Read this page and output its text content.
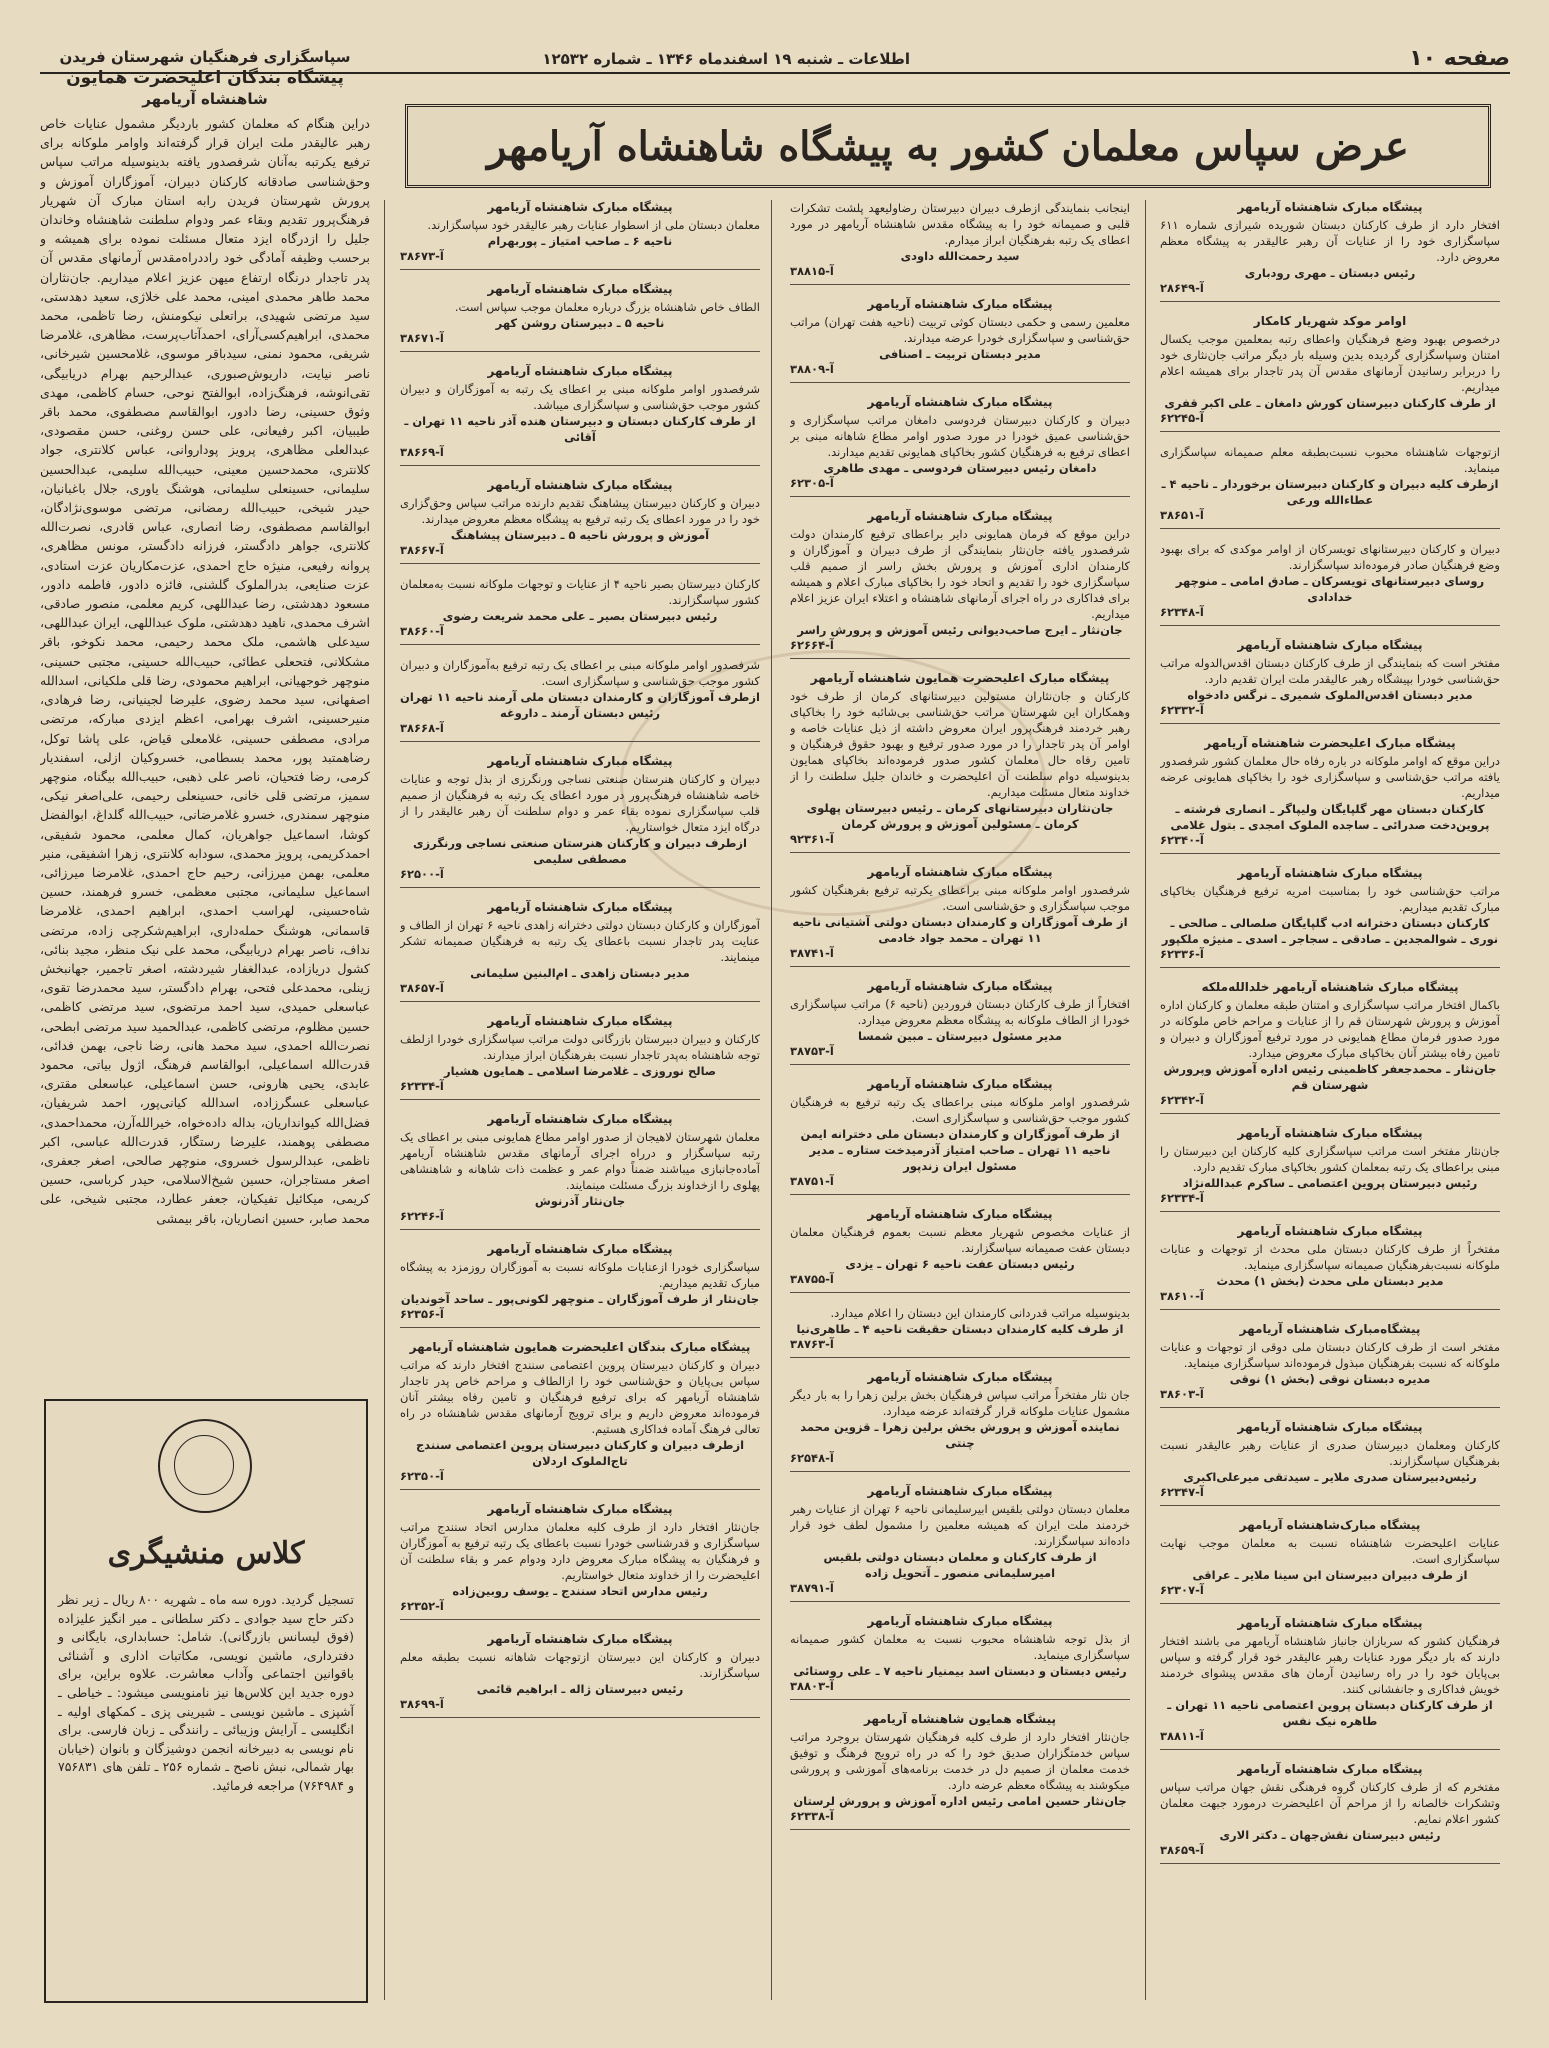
صفحه ۱۰
اطلاعات ـ شنبه ۱۹ اسفندماه ۱۳۴۶ ـ شماره ۱۲۵۳۲
عرض سپاس معلمان کشور به پیشگاه شاهنشاه آریامهر
سپاسگزاری فرهنگیان شهرستان فریدن
پیشگاه بندگان اعلیحضرت همایون
شاهنشاه آریامهر
دراین هنگام که معلمان کشور باردیگر مشمول عنایات خاص رهبر عالیقدر ملت ایران قرار گرفته‌اند واوامر ملوکانه برای ترفیع یکرتبه به‌آنان شرفصدور یافته بدینوسیله مراتب سپاس وحق‌شناسی صادقانه کارکنان دبیران، آموزگاران آموزش و پرورش شهرستان فریدن رابه استان مبارک آن شهریار فرهنگ‌پرور تقدیم وبقاء عمر ودوام سلطنت شاهنشاه وخاندان جلیل را ازدرگاه ایزد متعال مسئلت نموده برای همیشه و برحسب وظیفه آمادگی خود راددراه‌مقدس آرمانهای مقدس آن پدر تاجدار درنگاه ارتفاع میهن عزیز اعلام میداریم. جان‌نثاران محمد طاهر محمدی امینی، محمد علی خلاژی، سعید دهدستی، سید مرتضی شهیدی، براتعلی نیکومنش، رضا تاظمی، محمد محمدی، ابراهیم‌کسی‌آرای، احمدآتاب‌پرست، مظاهری، غلامرضا شریفی، محمود نمنی، سیدباقر موسوی، غلامحسین شیرخانی، ناصر نیایت، داریوش‌صبوری، عبدالرحیم بهرام دریابیگی، تقی‌انوشه‌، فرهنگ‌زاده، ابوالفتح نوحی، حسام کاظمی، مهدی وثوق حسینی، رضا دادور، ابوالقاسم مصطفوی، محمد باقر طیبیان، اکبر رفیعانی، علی حسن روغنی، حسن مقصودی، عبدالعلی مظاهری، پرویز پوداروانی، عباس کلانتری، جواد کلانتری، محمدحسین معینی، حبیب‌الله سلیمی، عبدالحسین سلیمانی، حسینعلی سلیمانی، هوشنگ یاوری، جلال باغبانیان، حیدر شیخی، حبیب‌الله رمضانی، مرتضی موسوی‌نژادگان، ابوالقاسم مصطفوی، رضا انصاری، عباس قادری، نصرت‌الله کلانتری، جواهر دادگستر، فرزانه دادگستر، مونس مظاهری، پروانه رفیعی، منیژه حاج احمدی، عزت‌مکاریان عزت استادی، عزت صنایعی، بدرالملوک گلشنی، فائزه دادور، فاطمه دادور، مسعود دهدشتی، رضا عبداللهی، کریم معلمی، منصور صادقی، اشرف محمدی، ناهید دهدشتی، ملوک عبداللهی، ایران عبداللهی، سیدعلی هاشمی، ملک محمد رحیمی، محمد نکوخو، باقر مشکلانی، فتحعلی عطائی، حبیب‌الله حسینی، مجتبی حسینی، منوچهر خوجهیانی، ابراهیم محمودی، رضا قلی ملکیانی، اسدالله اصفهانی، سید محمد رضوی، علیرضا لجینیانی، رضا فرهادی، منیرحسینی، اشرف بهرامی، اعظم ایزدی مبارکه، مرتضی مرادی، مصطفی حسینی، غلامعلی قیاض، علی پاشا توکل، رضاهمتبد پور، محمد بسطامی، خسروکیان ازلی، اسفندیار کرمی، رضا فتحیان، ناصر علی ذهبی، حبیب‌الله بیگناه، منوچهر سمیز، مرتضی قلی خانی، حسینعلی رحیمی، علی‌اصغر نیکی، منوچهر سمندری، خسرو غلامرضانی، حبیب‌الله گلداغ، ابوالفضل کوشا، اسماعیل جواهریان، کمال معلمی، محمود شفیقی، احمدکریمی، پرویز محمدی، سودابه کلانتری، زهرا اشفیقی، منیر معلمی، بهمن میرزانی، رحیم حاج احمدی، غلامرضا میرزائی، اسماعیل سلیمانی، مجتبی معظمی، خسرو فرهمند، حسین شاه‌حسینی، لهراسب احمدی، ابراهیم احمدی، غلامرضا قاسمانی، هوشنگ حمله‌داری، ابراهیم‌شکرچی زاده، مرتضی نداف، ناصر بهرام دریابیگی، محمد علی نیک منظر، مجید بنائی، کشول دریازاده، عبدالغفار شیردشته، اصغر تاجمیر، جهانبخش زینلی، محمدعلی فتحی، بهرام دادگستر، سید محمدرضا تقوی، عباسعلی حمیدی، سید احمد مرتضوی، سید مرتضی کاظمی، حسین مظلوم، مرتضی کاظمی، عبدالحمید سید مرتضی ابطحی، نصرت‌الله احمدی، سید محمد هانی، رضا ناجی، بهمن فدائی، قدرت‌الله اسماعیلی، ابوالقاسم فرهنگ، اژول بیاتی، محمود عابدی، یحیی هارونی، حسن اسماعیلی، عباسعلی مقتری، عباسعلی عسگرزاده، اسدالله کیانی‌پور، احمد شریفیان، فضل‌الله کیوانداریان، بداله داده‌خواه، خیرالله‌آرن، محمداحمدی، مصطفی پوهمند، علیرضا رستگار، قدرت‌الله عباسی، اکبر ناظمی، عبدالرسول خسروی، منوچهر صالحی، اصغر جعفری، اصغر مستاجران، حسین شیخ‌الاسلامی، حیدر کرباسی، حسین کریمی، میکائیل تفیکیان، جعفر عطارد، مجتبی شیخی، علی محمد صابر، حسین انصاریان، باقر بیمشی
کلاس منشیگری
تسجیل گردید. دوره سه ماه ـ شهریه ۸۰۰ ریال ـ زیر نظر دکتر حاج سید جوادی ـ دکتر سلطانی ـ میر انگیز علیزاده (فوق لیسانس بازرگانی). شامل: حسابداری، بایگانی و دفترداری، ماشین نویسی، مکاتبات اداری و آشنائی باقوانین اجتماعی وآداب معاشرت. علاوه براین، برای دوره جدید این کلاس‌ها نیز نامنویسی میشود: ـ خیاطی ـ آشپزی ـ ماشین نویسی ـ شیرینی پزی ـ کمکهای اولیه ـ انگلیسی ـ آرایش وزیبائی ـ رانندگی ـ زبان فارسی. برای نام نویسی به دبیرخانه انجمن دوشیزگان و بانوان (خیابان بهار شمالی، نبش ناصح ـ شماره ۲۵۶ ـ تلفن های ۷۵۶۸۳۱ و ۷۶۴۹۸۴) مراجعه فرمائید.
پیشگاه مبارک شاهنشاه آریامهر
افتخار دارد از طرف کارکنان دبستان شوریده شیرازی شماره ۶۱۱ سپاسگزاری خود را از عنایات آن رهبر عالیقدر به پیشگاه معظم معروض دارد.
رئیس دبستان ـ مهری رودباری
۲۸۶۴۹-آ
اوامر موکد شهریار کامکار
درخصوص بهبود وضع فرهنگیان واعطای رتبه بمعلمین موجب یکسال امتنان وسپاسگزاری گردیده بدین وسیله بار دیگر مراتب جان‌نثاری خود را دربرابر رسانیدن آرمانهای مقدس آن پدر تاجدار برای همیشه اعلام میداریم.
از طرف کارکنان دبیرستان کورش دامغان ـ علی اکبر قفری
۶۲۲۴۵-آ
ازتوجهات شاهنشاه محبوب نسبت‌بطبقه معلم صمیمانه سپاسگزاری مینماید.
ازطرف کلیه دبیران و کارکنان دبیرستان برخوردار ـ ناحیه ۴ ـ عطاءالله ورعی
۳۸۶۵۱-آ
دبیران و کارکنان دبیرستانهای تویسرکان از اوامر موکدی که برای بهبود وضع فرهنگیان صادر فرموده‌اند سپاسگزارند.
روسای دبیرستانهای تویسرکان ـ صادق امامی ـ منوچهر خدادادی
۶۲۳۴۸-آ
پیشگاه مبارک شاهنشاه آریامهر
مفتخر است که بنمایندگی از طرف کارکنان دبستان اقدس‌الدوله مراتب حق‌شناسی خودرا بپیشگاه رهبر عالیقدر ملت ایران تقدیم دارد.
مدیر دبستان اقدس‌الملوک شمیری ـ نرگس دادخواه
۶۲۳۳۲-آ
پیشگاه مبارک اعلیحضرت شاهنشاه آریامهر
دراین موقع که اوامر ملوکانه در باره رفاه حال معلمان کشور شرفصدور یافته مراتب حق‌شناسی و سپاسگزاری خود را بخاکپای همایونی عرضه میداریم.
کارکنان دبستان مهر گلپایگان ولیپاگر ـ انصاری فرشته ـ پروین‌دخت صدرائی ـ ساجده الملوک امجدی ـ بتول غلامی
۶۲۳۴۰-آ
پیشگاه مبارک شاهنشاه آریامهر
مراتب حق‌شناسی خود را بمناسبت امریه ترفیع فرهنگیان بخاکپای مبارک تقدیم میداریم.
کارکنان دبستان دخترانه ادب گلپایگان صلصالی ـ صالحی ـ نوری ـ شوالمجدین ـ صادقی ـ سجاجر ـ اسدی ـ منیژه ملکپور
۶۲۳۳۶-آ
پیشگاه مبارک شاهنشاه آریامهر خلدالله‌ملکه
باکمال افتخار مراتب سپاسگزاری و امتنان طبقه معلمان و کارکنان اداره آموزش و پرورش شهرستان قم را از عنایات و مراحم خاص ملوکانه در مورد صدور فرمان مطاع همایونی در مورد ترفیع آموزگاران و دبیران و تامین رفاه بیشتر آنان بخاکپای مبارک معروض میدارد.
جان‌نثار ـ محمدجعفر کاظمینی رئیس اداره آموزش وپرورش شهرستان قم
۶۲۳۴۲-آ
پیشگاه مبارک شاهنشاه آریامهر
جان‌نثار مفتخر است مراتب سپاسگزاری کلیه کارکنان این دبیرستان را مبنی براعطای یک رتبه بمعلمان کشور بخاکپای مبارک تقدیم دارد.
رئیس دبیرستان پروین اعتصامی ـ ساکرم عبدالله‌نژاد
۶۲۳۳۴-آ
پیشگاه مبارک شاهنشاه آریامهر
مفتخراً از طرف کارکنان دبستان ملی محدث از توجهات و عنایات ملوکانه نسبت‌بفرهنگیان صمیمانه سپاسگزاری مینماید.
مدیر دبستان ملی محدث (بخش ۱) محدث
۳۸۶۱۰-آ
پیشگاه‌مبارک شاهنشاه آریامهر
مفتخر است از طرف کارکنان دبستان ملی دوقی از توجهات و عنایات ملوکانه که نسبت بفرهنگیان مبذول فرموده‌اند سپاسگزاری مینماید.
مدیره دبستان نوقی (بخش ۱) نوقی
۳۸۶۰۳-آ
پیشگاه مبارک شاهنشاه آریامهر
کارکنان ومعلمان دبیرستان صدری از عنایات رهبر عالیقدر نسبت بفرهنگیان سپاسگزارند.
رئیس‌دبیرستان صدری ملایر ـ سیدتقی میرعلی‌اکبری
۶۲۳۴۷-آ
پیشگاه مبارک‌شاهنشاه آریامهر
عنایات اعلیحضرت شاهنشاه نسبت به معلمان موجب نهایت سپاسگزاری است.
از طرف دبیران دبیرستان ابن سینا ملایر ـ عراقی
۶۲۳۰۷-آ
پیشگاه مبارک شاهنشاه آریامهر
فرهنگیان کشور که سربازان جانباز شاهنشاه آریامهر می باشند افتخار دارند که بار دیگر مورد عنایات رهبر عالیقدر خود قرار گرفته و سپاس بی‌پایان خود را در راه رسانیدن آرمان های مقدس پیشوای خردمند خویش فداکاری و جانفشانی کنند.
از طرف کارکنان دبستان پروین اعتصامی ناحیه ۱۱ تهران ـ طاهره نیک نفس
۳۸۸۱۱-آ
پیشگاه مبارک شاهنشاه آریامهر
مفتخرم که از طرف کارکنان گروه فرهنگی نقش جهان مراتب سپاس وتشکرات خالصانه را از مراحم آن اعلیحضرت درمورد جبهت معلمان کشور اعلام نمایم.
رئیس دبیرستان نقش‌جهان ـ دکتر الاری
۳۸۶۵۹-آ
اینجانب بنمایندگی ازطرف دبیران دبیرستان رضاولیعهد پلشت تشکرات قلبی و صمیمانه خود را به پیشگاه مقدس شاهنشاه آریامهر در مورد اعطای یک رتبه بفرهنگیان ابراز میدارم.
سید رحمت‌الله داودی
۳۸۸۱۵-آ
پیشگاه مبارک شاهنشاه آریامهر
معلمین رسمی و حکمی دبستان کوثی تربیت (ناحیه هفت تهران) مراتب حق‌شناسی و سپاسگزاری خودرا عرضه میدارند.
مدیر دبستان تربیت ـ اصنافی
۳۸۸۰۹-آ
پیشگاه مبارک شاهنشاه آریامهر
دبیران و کارکنان دبیرستان فردوسی دامغان مراتب سپاسگزاری و حق‌شناسی عمیق خودرا در مورد صدور اوامر مطاع شاهانه مبنی بر اعطای ترفیع به فرهنگیان کشور بخاکپای همایونی تقدیم میدارند.
دامغان رئیس دبیرستان فردوسی ـ مهدی طاهری
۶۲۳۰۵-آ
پیشگاه مبارک شاهنشاه آریامهر
دراین موقع که فرمان همایونی دایر براعطای ترفیع کارمندان دولت شرفصدور یافته جان‌نثار بنمایندگی از طرف دبیران و آموزگاران و کارمندان اداری آموزش و پرورش بخش راسر از صمیم قلب سپاسگزاری خود را تقدیم و اتحاد خود را بخاکپای مبارک اعلام و همیشه برای فداکاری در راه اجرای آرمانهای شاهنشاه و اعتلاء ایران عزیز اعلام میداریم.
جان‌نثار ـ ایرج صاحب‌دیوانی رئیس آموزش و پرورش راسر
۶۲۶۶۴-آ
پیشگاه مبارک اعلیحضرت همایون شاهنشاه آریامهر
کارکنان و جان‌نثاران مستولین دبیرستانهای کرمان از طرف خود وهمکاران این شهرستان مراتب حق‌شناسی بی‌شائبه خود را بخاکپای رهبر خردمند فرهنگ‌پرور ایران معروض داشته از ذیل عنایات خاصه و اوامر آن پدر تاجدار را در مورد صدور ترفیع و بهبود حقوق فرهنگیان و تامین رفاه حال معلمان کشور صدور فرموده‌اند بخاکپای همایون بدینوسیله دوام سلطنت آن اعلیحضرت و خاندان جلیل سلطنت را از خداوند متعال مسئلت میداریم.
جان‌نثاران دبیرستانهای کرمان ـ رئیس دبیرستان پهلوی کرمان ـ مسئولین آموزش و پرورش کرمان
۹۲۳۶۱-آ
پیشگاه مبارک شاهنشاه آریامهر
شرفصدور اوامر ملوکانه مبنی براعطای یکرتبه ترفیع بفرهنگیان کشور موجب سپاسگزاری و حق‌شناسی است.
از طرف آموزگاران و کارمندان دبستان دولتی آشتیانی ناحیه ۱۱ تهران ـ محمد جواد خادمی
۳۸۷۴۱-آ
پیشگاه مبارک شاهنشاه آریامهر
افتخاراً از طرف کارکنان دبستان فروردین (ناحیه ۶) مراتب سپاسگزاری خودرا از الطاف ملوکانه به پیشگاه معظم معروض میدارد.
مدیر مسئول دبیرستان ـ مبین شمسا
۳۸۷۵۳-آ
پیشگاه مبارک شاهنشاه آریامهر
شرفصدور اوامر ملوکانه مبنی براعطای یک رتبه ترفیع به فرهنگیان کشور موجب حق‌شناسی و سپاسگزاری است.
از طرف آموزگاران و کارمندان دبستان ملی دخترانه ایمن ناحیه ۱۱ تهران ـ صاحب امتیاز آذرمیدخت ستاره ـ مدیر مسئول ایران زندپور
۳۸۷۵۱-آ
پیشگاه مبارک شاهنشاه آریامهر
از عنایات مخصوص شهریار معظم نسبت بعموم فرهنگیان معلمان دبستان عفت صمیمانه سپاسگزارند.
رئیس دبستان عفت ناحیه ۶ تهران ـ یزدی
۳۸۷۵۵-آ
بدینوسیله مراتب قدردانی کارمندان این دبستان را اعلام میدارد.
از طرف کلیه کارمندان دبستان حقیقت ناحیه ۴ ـ طاهری‌نیا
۳۸۷۶۳-آ
پیشگاه مبارک شاهنشاه آریامهر
جان نثار مفتخراً مراتب سپاس فرهنگیان بخش برلین زهرا را به بار دیگر مشمول عنایات ملوکانه قرار گرفته‌اند عرضه میدارد.
نماینده آموزش و پرورش بخش برلین زهرا ـ قزوین محمد چنتی
۶۲۵۴۸-آ
پیشگاه مبارک شاهنشاه آریامهر
معلمان دبستان دولتی بلقیس ابیرسلیمانی ناحیه ۶ تهران از عنایات رهبر خردمند ملت ایران که همیشه معلمین را مشمول لطف خود قرار داده‌اند سپاسگزارند.
از طرف کارکنان و معلمان دبستان دولتی بلقیس امیرسلیمانی منصور ـ آتحویل زاده
۳۸۷۹۱-آ
پیشگاه مبارک شاهنشاه آریامهر
از بذل توجه شاهنشاه محبوب نسبت به معلمان کشور صمیمانه سپاسگزاری مینماید.
رئیس دبستان و دبستان اسد بیمنیار ناحیه ۷ ـ علی روستائی
۳۸۸۰۳-آ
پیشگاه همایون شاهنشاه آریامهر
جان‌نثار افتخار دارد از طرف کلیه فرهنگیان شهرستان بروجرد مراتب سپاس خدمتگزاران صدیق خود را که در راه ترویج فرهنگ و توفیق خدمت معلمان از صمیم دل در خدمت برنامه‌های آموزشی و پرورشی میکوشند به پیشگاه معظم عرضه دارد.
جان‌نثار حسین امامی رئیس اداره آموزش و پرورش لرستان
۶۲۳۳۸-آ
پیشگاه مبارک شاهنشاه آریامهر
معلمان دبستان ملی از اسطوار عنایات رهبر عالیقدر خود سپاسگزارند.
ناحیه ۶ ـ صاحب امتیاز ـ پوربهرام
۳۸۶۷۳-آ
پیشگاه مبارک شاهنشاه آریامهر
الطاف خاص شاهنشاه بزرگ درباره معلمان موجب سپاس است.
ناحیه ۵ ـ دبیرستان روشن کهر
۳۸۶۷۱-آ
پیشگاه مبارک شاهنشاه آریامهر
شرفصدور اوامر ملوکانه مبنی بر اعطای یک رتبه به آموزگاران و دبیران کشور موجب حق‌شناسی و سپاسگزاری میباشد.
از طرف کارکنان دبستان و دبیرستان هنده آذر ناحیه ۱۱ تهران ـ آقائی
۳۸۶۶۹-آ
پیشگاه مبارک شاهنشاه آریامهر
دبیران و کارکنان دبیرستان پیشاهنگ تقدیم دارنده مراتب سپاس وحق‌گزاری خود را در مورد اعطای یک رتبه ترفیع به پیشگاه معظم معروض میدارند.
آموزش و پرورش ناحیه ۵ ـ دبیرستان پیشاهنگ
۳۸۶۶۷-آ
کارکنان دبیرستان بصیر ناحیه ۴ از عنایات و توجهات ملوکانه نسبت به‌معلمان کشور سپاسگزارند.
رئیس دبیرستان بصیر ـ علی محمد شریعت رضوی
۳۸۶۶۰-آ
شرفصدور اوامر ملوکانه مبنی بر اعطای یک رتبه ترفیع به‌آموزگاران و دبیران کشور موجب حق‌شناسی و سپاسگزاری است.
ازطرف آموزگاران و کارمندان دبستان ملی آرمند ناحیه ۱۱ تهران رئیس دبستان آرمند ـ داروغه
۳۸۶۶۸-آ
پیشگاه مبارک شاهنشاه آریامهر
دبیران و کارکنان هنرستان صنعتی نساجی ورنگرزی از بذل توجه و عنایات خاصه شاهنشاه فرهنگ‌پرور در مورد اعطای یک رتبه به فرهنگیان از صمیم قلب سپاسگزاری نموده بقاء عمر و دوام سلطنت آن رهبر عالیقدر را از درگاه ایزد متعال خواستاریم.
ازطرف دبیران و کارکنان هنرستان صنعتی نساجی ورنگرزی مصطفی سلیمی
۶۲۵۰۰-آ
پیشگاه مبارک شاهنشاه آریامهر
آموزگاران و کارکنان دبستان دولتی دخترانه زاهدی ناحیه ۶ تهران از الطاف و عنایت پدر تاجدار نسبت باعطای یک رتبه به فرهنگیان صمیمانه تشکر مینمایند.
مدیر دبستان زاهدی ـ ام‌البنین سلیمانی
۳۸۶۵۷-آ
پیشگاه مبارک شاهنشاه آریامهر
کارکنان و دبیران دبیرستان بازرگانی دولت مراتب سپاسگزاری خودرا ازلطف توجه شاهنشاه به‌پدر تاجدار نسبت بفرهنگیان ابراز میدارند.
صالح نوروزی ـ غلامرضا اسلامی ـ همایون هشیار
۶۲۳۳۴-آ
پیشگاه مبارک شاهنشاه آریامهر
معلمان شهرستان لاهیجان از صدور اوامر مطاع همایونی مبنی بر اعطای یک رتبه سپاسگزار و درراه اجرای آرمانهای مقدس شاهنشاه آریامهر آماده‌جانبازی میباشند ضمناً دوام عمر و عظمت ذات شاهانه و شاهنشاهی پهلوی را ازخداوند بزرگ مسئلت مینمایند.
جان‌نثار آذرنوش
۶۲۲۴۶-آ
پیشگاه مبارک شاهنشاه آریامهر
سپاسگزاری خودرا ازعنایات ملوکانه نسبت به آموزگاران روزمزد به پیشگاه مبارک تقدیم میداریم.
جان‌نثار از طرف آموزگاران ـ منوچهر لکونی‌پور ـ ساحد آخوندیان
۶۲۳۵۶-آ
پیشگاه مبارک بندگان اعلیحضرت همایون شاهنشاه آریامهر
دبیران و کارکنان دبیرستان پروین اعتصامی سنندج افتخار دارند که مراتب سپاس بی‌پایان و حق‌شناسی خود را ازالطاف و مراحم خاص پدر تاجدار شاهنشاه آریامهر که برای ترفیع فرهنگیان و تامین رفاه بیشتر آنان فرموده‌اند معروض داریم و برای ترویج آرمانهای مقدس شاهنشاه در راه تعالی فرهنگ آماده فداکاری هستیم.
ازطرف دبیران و کارکنان دبیرستان پروین اعتصامی سنندج تاج‌الملوک اردلان
۶۲۳۵۰-آ
پیشگاه مبارک شاهنشاه آریامهر
جان‌نثار افتخار دارد از طرف کلیه معلمان مدارس اتحاد سنندج مراتب سپاسگزاری و قدرشناسی خودرا نسبت باعطای یک رتبه ترفیع به آموزگاران و فرهنگیان به پیشگاه مبارک معروض دارد ودوام عمر و بقاء سلطنت آن اعلیحضرت را از خداوند متعال خواستاریم.
رئیس مدارس اتحاد سنندج ـ یوسف روبین‌زاده
۶۲۳۵۲-آ
پیشگاه مبارک شاهنشاه آریامهر
دبیران و کارکنان این دبیرستان ازتوجهات شاهانه نسبت بطبقه معلم سپاسگزارند.
رئیس دبیرستان ژاله ـ ابراهیم قائمی
۳۸۶۹۹-آ
